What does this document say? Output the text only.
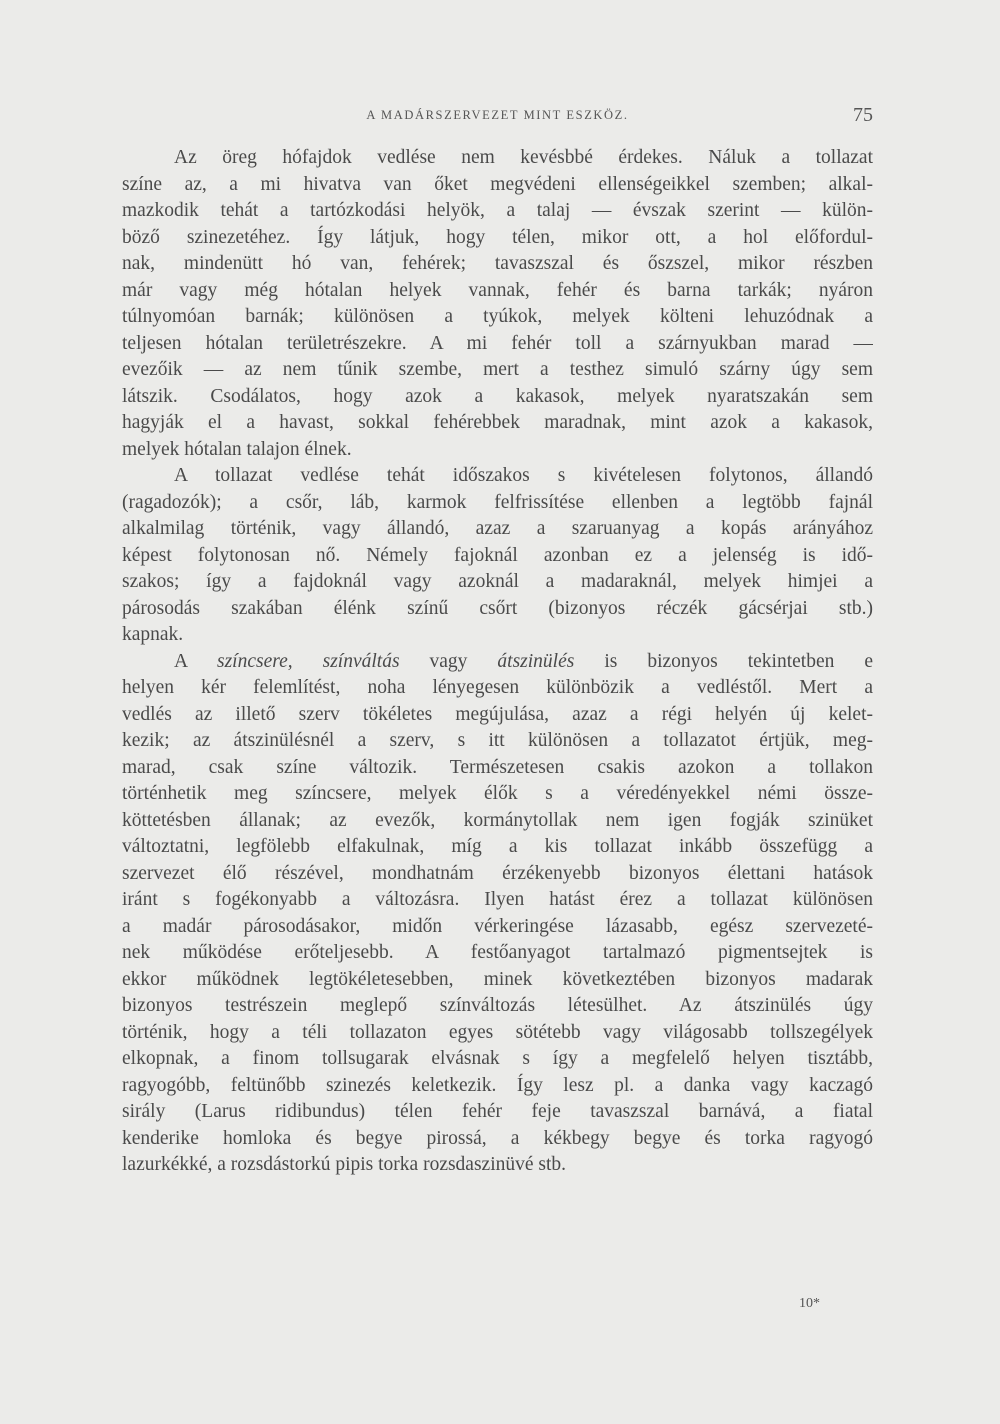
A MADÁRSZERVEZET MINT ESZKÖZ.	75
Az öreg hófajdok vedlése nem kevésbbé érdekes. Náluk a tollazat
színe az, a mi hivatva van őket megvédeni ellenségeikkel szemben; alkal-
mazkodik tehát a tartózkodási helyök, a talaj — évszak szerint — külön-
böző szinezetéhez. Így látjuk, hogy télen, mikor ott, a hol előfordul-
nak, mindenütt hó van, fehérek; tavaszszal és őszszel, mikor részben
már vagy még hótalan helyek vannak, fehér és barna tarkák; nyáron
túlnyomóan barnák; különösen a tyúkok, melyek költeni lehuzódnak a
teljesen hótalan területrészekre. A mi fehér toll a szárnyukban marad —
evezőik — az nem tűnik szembe, mert a testhez simuló szárny úgy sem
látszik. Csodálatos, hogy azok a kakasok, melyek nyaratszakán sem
hagyják el a havast, sokkal fehérebbek maradnak, mint azok a kakasok,
melyek hótalan talajon élnek.
A tollazat vedlése tehát időszakos s kivételesen folytonos, állandó
(ragadozók); a csőr, láb, karmok felfrissítése ellenben a legtöbb fajnál
alkalmilag történik, vagy állandó, azaz a szaruanyag a kopás arányához
képest folytonosan nő. Némely fajoknál azonban ez a jelenség is idő-
szakos; így a fajdoknál vagy azoknál a madaraknál, melyek himjei a
párosodás szakában élénk színű csőrt (bizonyos réczék gácsérjai stb.)
kapnak.
A színcsere, színváltás vagy átszinülés is bizonyos tekintetben e
helyen kér felemlítést, noha lényegesen különbözik a vedléstől. Mert a
vedlés az illető szerv tökéletes megújulása, azaz a régi helyén új kelet-
kezik; az átszinülésnél a szerv, s itt különösen a tollazatot értjük, meg-
marad, csak színe változik. Természetesen csakis azokon a tollakon
történhetik meg színcsere, melyek élők s a véredényekkel némi össze-
köttetésben állanak; az evezők, kormánytollak nem igen fogják szinüket
változtatni, legfölebb elfakulnak, míg a kis tollazat inkább összefügg a
szervezet élő részével, mondhatnám érzékenyebb bizonyos élettani hatások
iránt s fogékonyabb a változásra. Ilyen hatást érez a tollazat különösen
a madár párosodásakor, midőn vérkeringése lázasabb, egész szervezeté-
nek működése erőteljesebb. A festőanyagot tartalmazó pigmentsejtek is
ekkor működnek legtökéletesebben, minek következtében bizonyos madarak
bizonyos testrészein meglepő színváltozás létesülhet. Az átszinülés úgy
történik, hogy a téli tollazaton egyes sötétebb vagy világosabb tollszegélyek
elkopnak, a finom tollsugarak elvásnak s így a megfelelő helyen tisztább,
ragyogóbb, feltünőbb szinezés keletkezik. Így lesz pl. a danka vagy kaczagó
sirály (Larus ridibundus) télen fehér feje tavaszszal barnává, a fiatal
kenderike homloka és begye pirossá, a kékbegy begye és torka ragyogó
lazurkékké, a rozsdástorkú pipis torka rozsdaszinüvé stb.
10*
